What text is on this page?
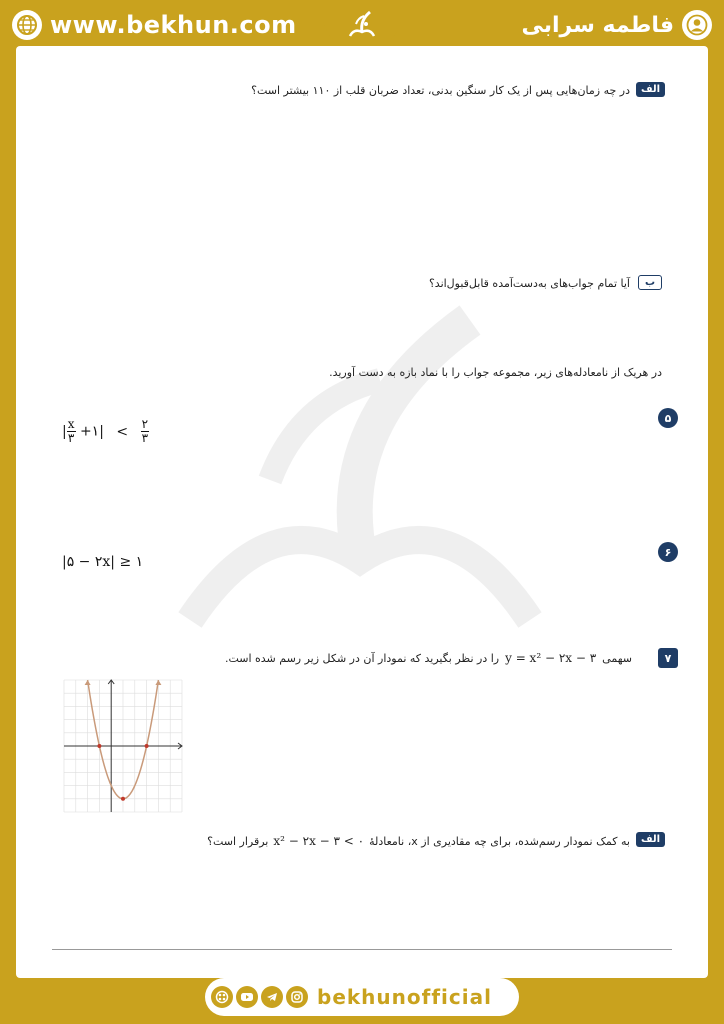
www.bekhun.com	فاطمه سرابی
الف
در چه زمان‌هایی پس از یک کار سنگین بدنی، تعداد ضربان قلب از ۱۱۰ بیشتر است؟
ب
آیا تمام جواب‌های به‌دست‌آمده قابل‌قبول‌اند؟
در هریک از نامعادله‌های زیر، مجموعه جواب را با نماد بازه به دست آورید.
۵
| $\frac{x}{۳}$ +۱| < $\frac{۲}{۳}$
۶
|۵ − ۲x| ≥ ۱
۷
سهمی
y = x² − ۲x − ۳
را در نظر بگیرید که نمودار آن در شکل زیر رسم شده است.
الف
به کمک نمودار رسم‌شده، برای چه مقادیری از x، نامعادلهٔ
x² − ۲x − ۳ < ۰
برقرار است؟
bekhunofficial
